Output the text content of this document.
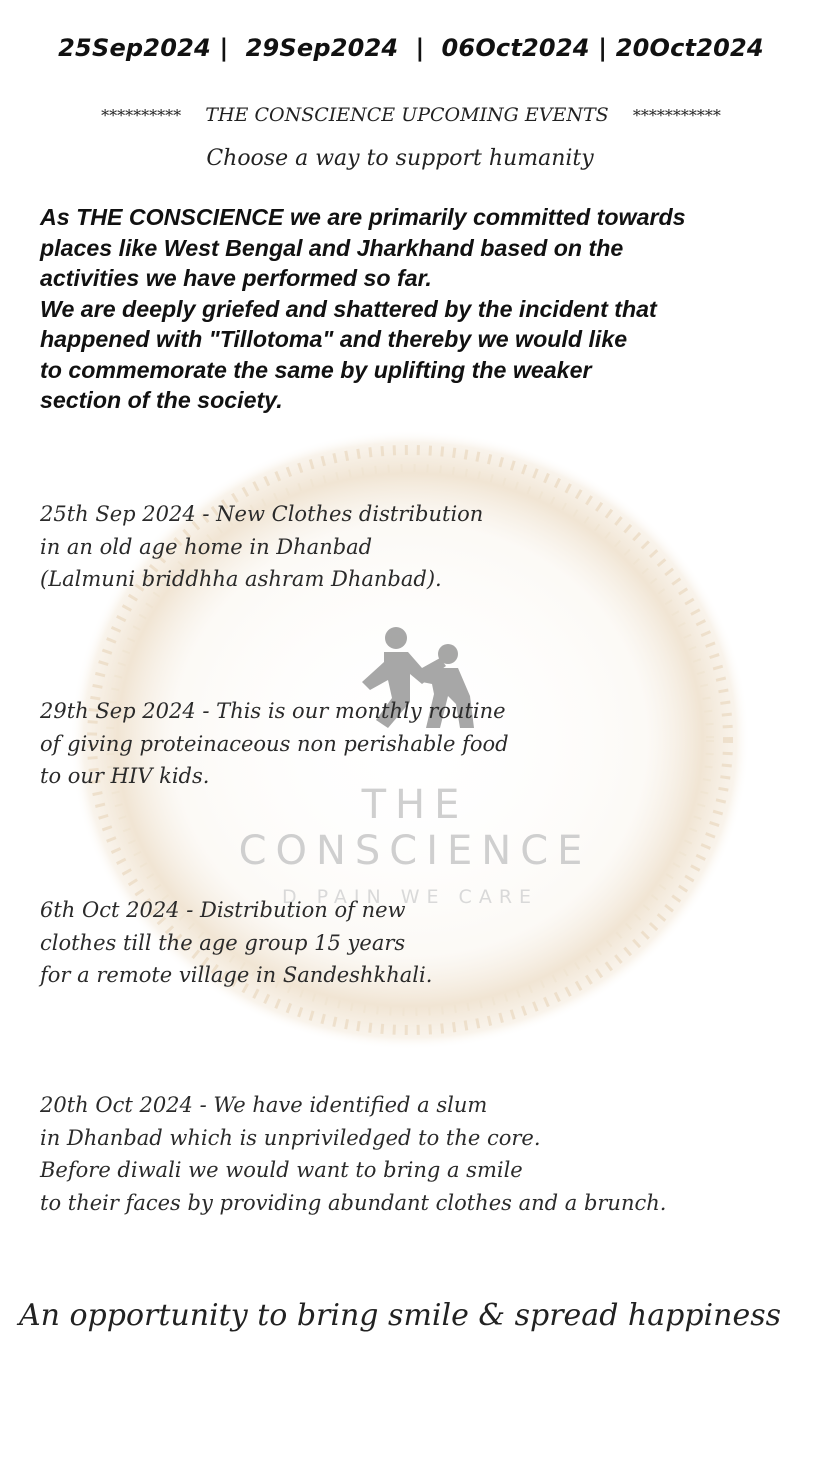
THE CONSCIENCE
D PAIN WE CARE
25Sep2024 | 29Sep2024 | 06Oct2024 | 20Oct2024
********** THE CONSCIENCE UPCOMING EVENTS ***********
Choose a way to support humanity
As THE CONSCIENCE we are primarily committed towards
places like West Bengal and Jharkhand based on the
activities we have performed so far.
We are deeply griefed and shattered by the incident that
happened with "Tillotoma" and thereby we would like
to commemorate the same by uplifting the weaker
section of the society.
25th Sep 2024 - New Clothes distribution
in an old age home in Dhanbad
(Lalmuni briddhha ashram Dhanbad).
29th Sep 2024 - This is our monthly routine
of giving proteinaceous non perishable food
to our HIV kids.
6th Oct 2024 - Distribution of new
clothes till the age group 15 years
for a remote village in Sandeshkhali.
20th Oct 2024 - We have identified a slum
in Dhanbad which is unpriviledged to the core.
Before diwali we would want to bring a smile
to their faces by providing abundant clothes and a brunch.
An opportunity to bring smile & spread happiness
